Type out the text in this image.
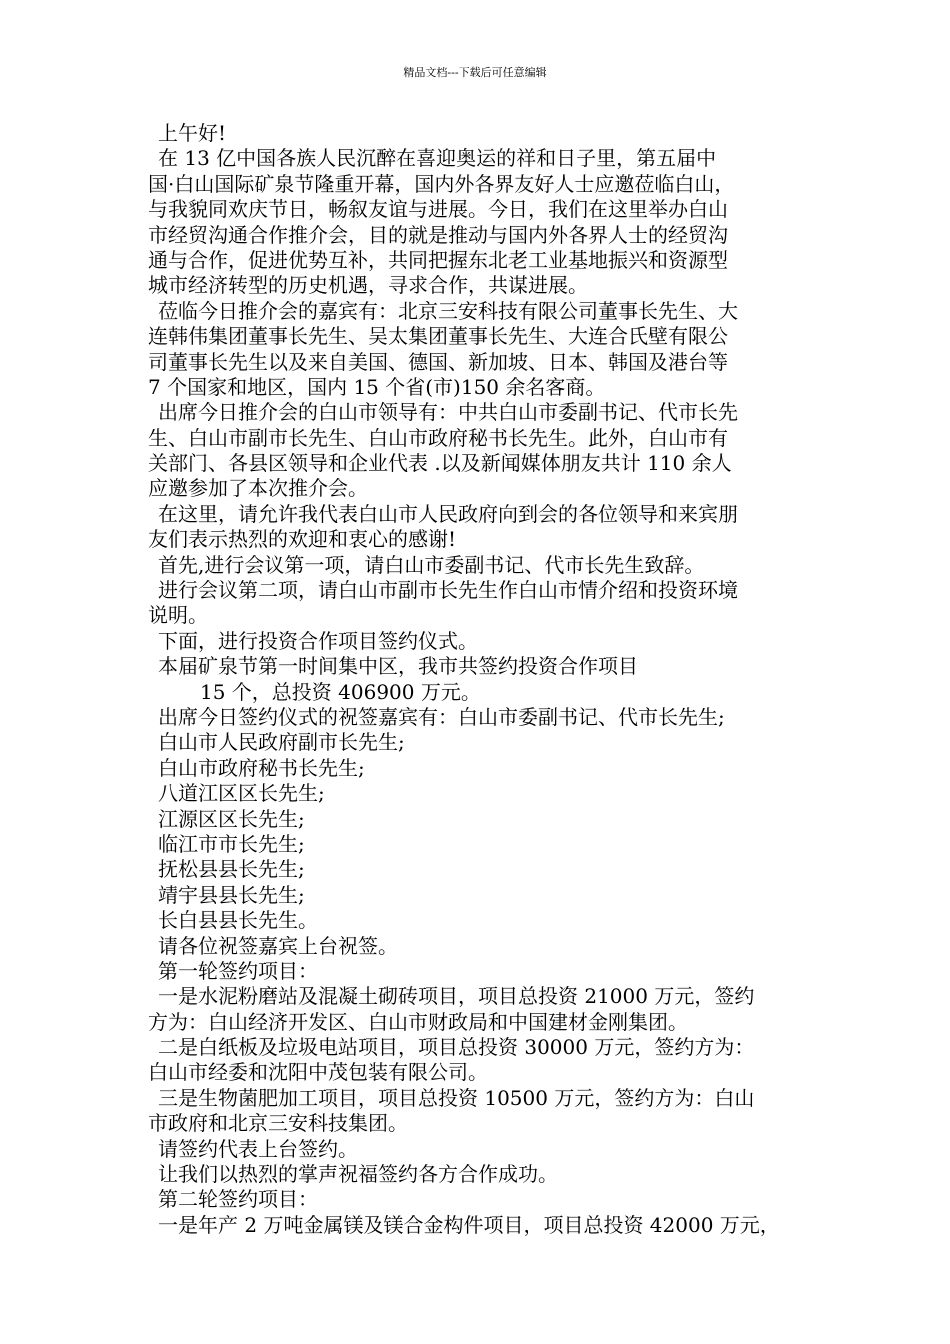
精品文档---下载后可任意编辑
上午好!
在 13 亿中国各族人民沉醉在喜迎奥运的祥和日子里，第五届中
国·白山国际矿泉节隆重开幕，国内外各界友好人士应邀莅临白山，
与我貌同欢庆节日，畅叙友谊与进展。今日，我们在这里举办白山
市经贸沟通合作推介会，目的就是推动与国内外各界人士的经贸沟
通与合作，促进优势互补，共同把握东北老工业基地振兴和资源型
城市经济转型的历史机遇，寻求合作，共谋进展。
莅临今日推介会的嘉宾有：北京三安科技有限公司董事长先生、大
连韩伟集团董事长先生、吴太集团董事长先生、大连合氏壁有限公
司董事长先生以及来自美国、德国、新加坡、日本、韩国及港台等
7 个国家和地区，国内 15 个省(市)150 余名客商。
出席今日推介会的白山市领导有：中共白山市委副书记、代市长先
生、白山市副市长先生、白山市政府秘书长先生。此外，白山市有
关部门、各县区领导和企业代表 .以及新闻媒体朋友共计 110 余人
应邀参加了本次推介会。
在这里，请允许我代表白山市人民政府向到会的各位领导和来宾朋
友们表示热烈的欢迎和衷心的感谢!
首先,进行会议第一项，请白山市委副书记、代市长先生致辞。
进行会议第二项，请白山市副市长先生作白山市情介绍和投资环境
说明。
下面，进行投资合作项目签约仪式。
本届矿泉节第一时间集中区，我市共签约投资合作项目
15 个，总投资 406900 万元。
出席今日签约仪式的祝签嘉宾有：白山市委副书记、代市长先生;
白山市人民政府副市长先生;
白山市政府秘书长先生;
八道江区区长先生;
江源区区长先生;
临江市市长先生;
抚松县县长先生;
靖宇县县长先生;
长白县县长先生。
请各位祝签嘉宾上台祝签。
第一轮签约项目：
一是水泥粉磨站及混凝土砌砖项目，项目总投资 21000 万元，签约
方为：白山经济开发区、白山市财政局和中国建材金刚集团。
二是白纸板及垃圾电站项目，项目总投资 30000 万元，签约方为：
白山市经委和沈阳中茂包装有限公司。
三是生物菌肥加工项目，项目总投资 10500 万元，签约方为：白山
市政府和北京三安科技集团。
请签约代表上台签约。
让我们以热烈的掌声祝福签约各方合作成功。
第二轮签约项目：
一是年产 2 万吨金属镁及镁合金构件项目，项目总投资 42000 万元，
